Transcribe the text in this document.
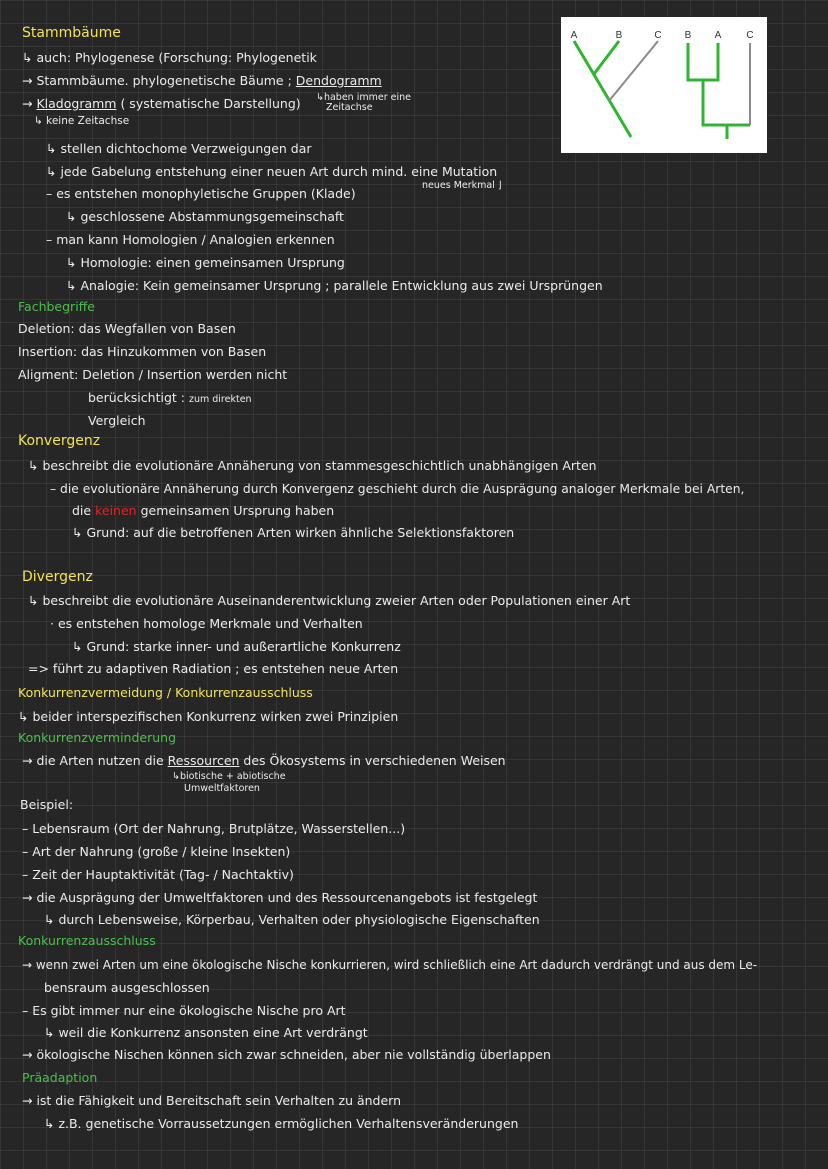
Stammbäume
↳ auch: Phylogenese (Forschung: Phylogenetik
→ Stammbäume. phylogenetische Bäume ; Dendogramm
→ Kladogramm ( systematische Darstellung) ↳haben immer eine
Zeitachse
↳ keine Zeitachse
↳ stellen dichtochome Verzweigungen dar
↳ jede Gabelung entstehung einer neuen Art durch mind. eine Mutation
neues Merkmal ⌋
– es entstehen monophyletische Gruppen (Klade)
↳ geschlossene Abstammungsgemeinschaft
– man kann Homologien / Analogien erkennen
↳ Homologie: einen gemeinsamen Ursprung
↳ Analogie: Kein gemeinsamer Ursprung ; parallele Entwicklung aus zwei Ursprüngen
Fachbegriffe
Deletion: das Wegfallen von Basen
Insertion: das Hinzukommen von Basen
Aligment: Deletion / Insertion werden nicht
berücksichtigt : zum direkten
Vergleich
Konvergenz
↳ beschreibt die evolutionäre Annäherung von stammesgeschichtlich unabhängigen Arten
– die evolutionäre Annäherung durch Konvergenz geschieht durch die Ausprägung analoger Merkmale bei Arten,
die keinen gemeinsamen Ursprung haben
↳ Grund: auf die betroffenen Arten wirken ähnliche Selektionsfaktoren
Divergenz
↳ beschreibt die evolutionäre Auseinanderentwicklung zweier Arten oder Populationen einer Art
· es entstehen homologe Merkmale und Verhalten
↳ Grund: starke inner- und außerartliche Konkurrenz
=> führt zu adaptiven Radiation ; es entstehen neue Arten
Konkurrenzvermeidung / Konkurrenzausschluss
↳ beider interspezifischen Konkurrenz wirken zwei Prinzipien
Konkurrenzverminderung
→ die Arten nutzen die Ressourcen des Ökosystems in verschiedenen Weisen
↳biotische + abiotische
Umweltfaktoren
Beispiel:
– Lebensraum (Ort der Nahrung, Brutplätze, Wasserstellen...)
– Art der Nahrung (große / kleine Insekten)
– Zeit der Hauptaktivität (Tag- / Nachtaktiv)
→ die Ausprägung der Umweltfaktoren und des Ressourcenangebots ist festgelegt
↳ durch Lebensweise, Körperbau, Verhalten oder physiologische Eigenschaften
Konkurrenzausschluss
→ wenn zwei Arten um eine ökologische Nische konkurrieren, wird schließlich eine Art dadurch verdrängt und aus dem Le-
bensraum ausgeschlossen
– Es gibt immer nur eine ökologische Nische pro Art
↳ weil die Konkurrenz ansonsten eine Art verdrängt
→ ökologische Nischen können sich zwar schneiden, aber nie vollständig überlappen
Präadaption
→ ist die Fähigkeit und Bereitschaft sein Verhalten zu ändern
↳ z.B. genetische Vorraussetzungen ermöglichen Verhaltensveränderungen
A	B	C B A	C
